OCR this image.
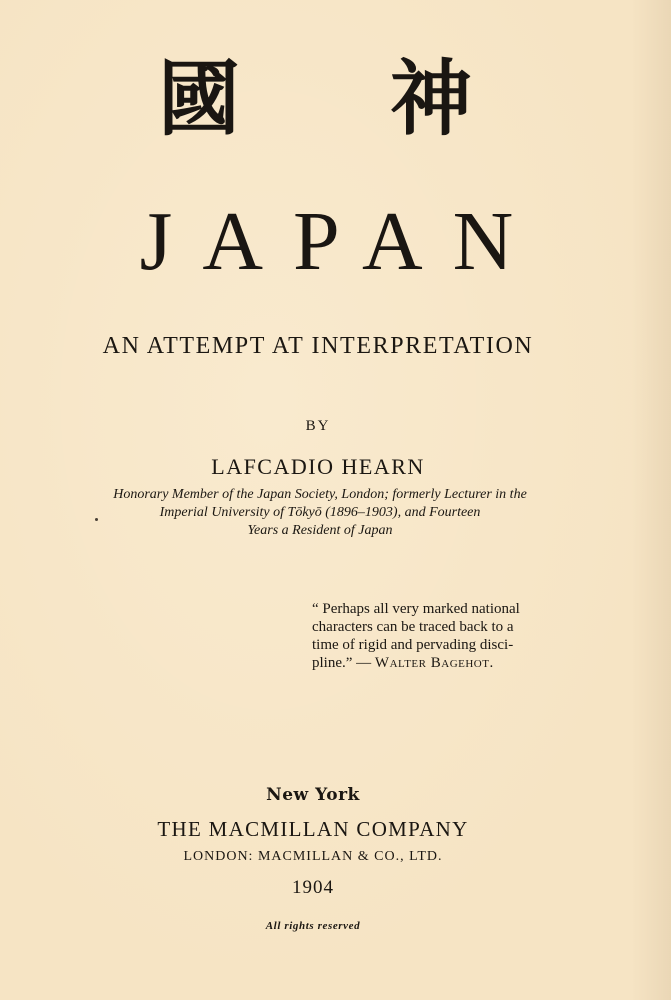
國 神
JAPAN
AN ATTEMPT AT INTERPRETATION
BY
LAFCADIO HEARN
Honorary Member of the Japan Society, London; formerly Lecturer in the
Imperial University of Tōkyō (1896–1903), and Fourteen
Years a Resident of Japan
“ Perhaps all very marked national
characters can be traced back to a
time of rigid and pervading disci-
pline.” — Walter Bagehot.
New York
THE MACMILLAN COMPANY
LONDON: MACMILLAN & CO., LTD.
1904
All rights reserved
